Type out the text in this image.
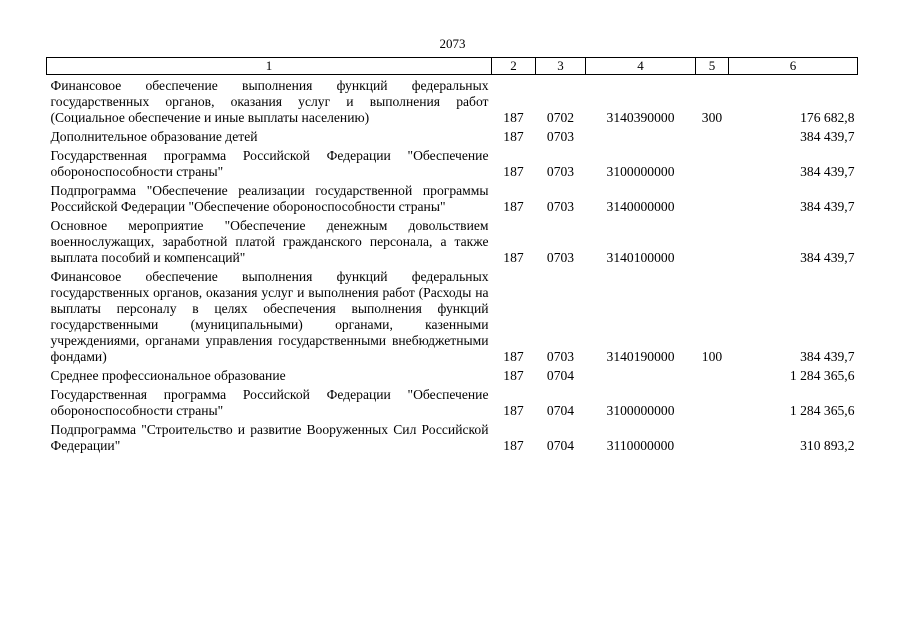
2073
1	2	3	4	5	6
Финансовое обеспечение выполнения функций федеральных государственных органов, оказания услуг и выполнения работ (Социальное обеспечение и иные выплаты населению)	187	0702	3140390000	300	176 682,8
Дополнительное образование детей	187	0703			384 439,7
Государственная программа Российской Федерации "Обеспечение обороноспособности страны"	187	0703	3100000000		384 439,7
Подпрограмма "Обеспечение реализации государственной программы Российской Федерации "Обеспечение обороноспособности страны"	187	0703	3140000000		384 439,7
Основное мероприятие "Обеспечение денежным довольствием военнослужащих, заработной платой гражданского персонала, а также выплата пособий и компенсаций"	187	0703	3140100000		384 439,7
Финансовое обеспечение выполнения функций федеральных государственных органов, оказания услуг и выполнения работ (Расходы на выплаты персоналу в целях обеспечения выполнения функций государственными (муниципальными) органами, казенными учреждениями, органами управления государственными внебюджетными фондами)	187	0703	3140190000	100	384 439,7
Среднее профессиональное образование	187	0704			1 284 365,6
Государственная программа Российской Федерации "Обеспечение обороноспособности страны"	187	0704	3100000000		1 284 365,6
Подпрограмма "Строительство и развитие Вооруженных Сил Российской Федерации"	187	0704	3110000000		310 893,2
